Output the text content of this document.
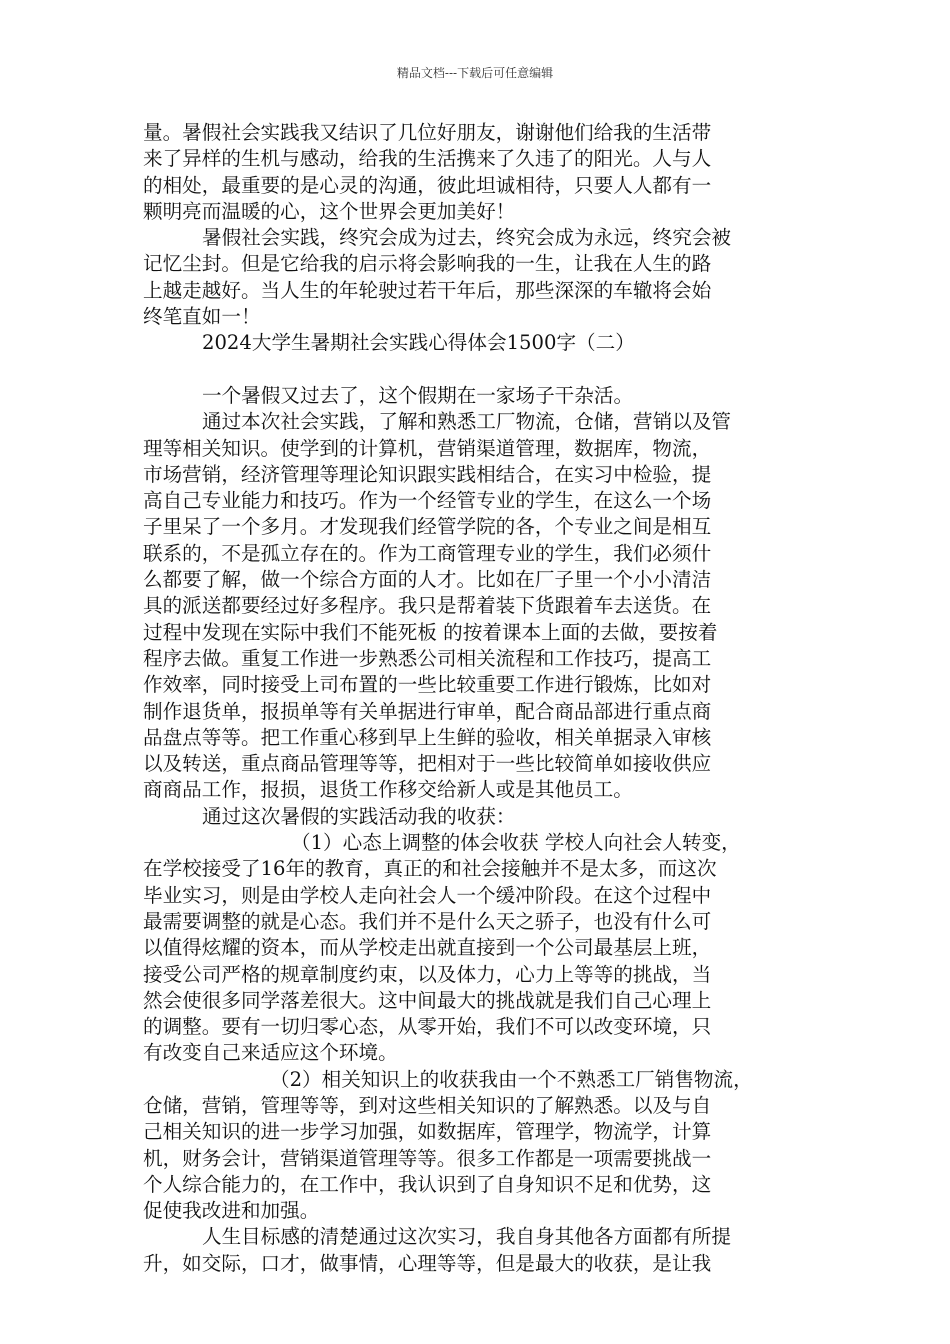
精品文档---下载后可任意编辑
量。暑假社会实践我又结识了几位好朋友，谢谢他们给我的生活带
来了异样的生机与感动，给我的生活携来了久违了的阳光。人与人
的相处，最重要的是心灵的沟通，彼此坦诚相待，只要人人都有一
颗明亮而温暖的心，这个世界会更加美好！
暑假社会实践，终究会成为过去，终究会成为永远，终究会被
记忆尘封。但是它给我的启示将会影响我的一生，让我在人生的路
上越走越好。当人生的年轮驶过若干年后，那些深深的车辙将会始
终笔直如一！
2024大学生暑期社会实践心得体会1500字（二）
一个暑假又过去了，这个假期在一家场子干杂活。
通过本次社会实践，了解和熟悉工厂物流，仓储，营销以及管
理等相关知识。使学到的计算机，营销渠道管理，数据库，物流，
市场营销，经济管理等理论知识跟实践相结合，在实习中检验，提
高自己专业能力和技巧。作为一个经管专业的学生，在这么一个场
子里呆了一个多月。才发现我们经管学院的各，个专业之间是相互
联系的，不是孤立存在的。作为工商管理专业的学生，我们必须什
么都要了解，做一个综合方面的人才。比如在厂子里一个小小清洁
具的派送都要经过好多程序。我只是帮着装下货跟着车去送货。在
过程中发现在实际中我们不能死板 的按着课本上面的去做，要按着
程序去做。重复工作进一步熟悉公司相关流程和工作技巧，提高工
作效率，同时接受上司布置的一些比较重要工作进行锻炼，比如对
制作退货单，报损单等有关单据进行审单，配合商品部进行重点商
品盘点等等。把工作重心移到早上生鲜的验收，相关单据录入审核
以及转送，重点商品管理等等，把相对于一些比较简单如接收供应
商商品工作，报损，退货工作移交给新人或是其他员工。
通过这次暑假的实践活动我的收获：
（1）心态上调整的体会收获 学校人向社会人转变，
在学校接受了16年的教育，真正的和社会接触并不是太多，而这次
毕业实习，则是由学校人走向社会人一个缓冲阶段。在这个过程中
最需要调整的就是心态。我们并不是什么天之骄子，也没有什么可
以值得炫耀的资本，而从学校走出就直接到一个公司最基层上班，
接受公司严格的规章制度约束，以及体力，心力上等等的挑战，当
然会使很多同学落差很大。这中间最大的挑战就是我们自己心理上
的调整。要有一切归零心态，从零开始，我们不可以改变环境，只
有改变自己来适应这个环境。
（2）相关知识上的收获我由一个不熟悉工厂销售物流，
仓储，营销，管理等等，到对这些相关知识的了解熟悉。以及与自
己相关知识的进一步学习加强，如数据库，管理学，物流学，计算
机，财务会计，营销渠道管理等等。很多工作都是一项需要挑战一
个人综合能力的，在工作中，我认识到了自身知识不足和优势，这
促使我改进和加强。
人生目标感的清楚通过这次实习，我自身其他各方面都有所提
升，如交际，口才，做事情，心理等等，但是最大的收获，是让我
